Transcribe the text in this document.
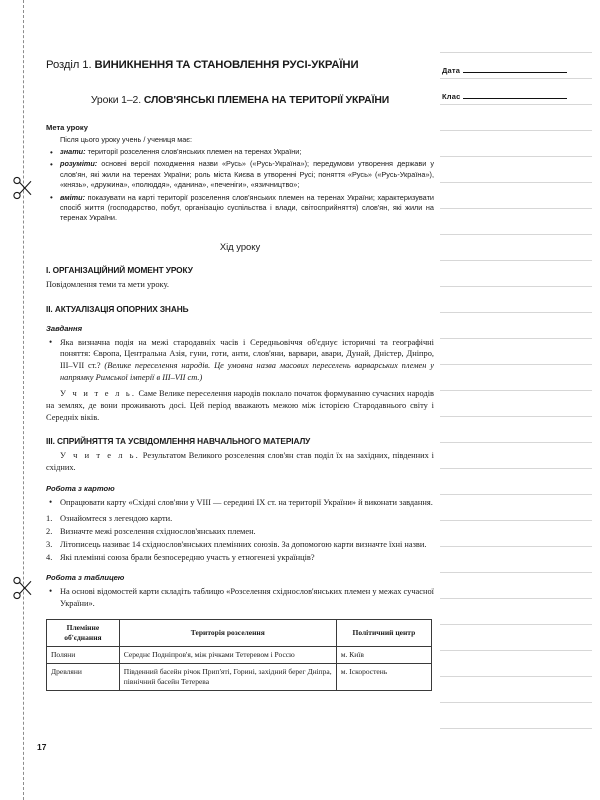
Дата
Клас
Розділ 1. ВИНИКНЕННЯ ТА СТАНОВЛЕННЯ РУСІ-УКРАЇНИ
Уроки 1–2. СЛОВ'ЯНСЬКІ ПЛЕМЕНА НА ТЕРИТОРІЇ УКРАЇНИ
Мета уроку
Після цього уроку учень / учениця має:
• знати: території розселення слов'янських племен на теренах України;
• розуміти: основні версії походження назви «Русь» («Русь-Україна»); передумови утворення держави у слов'ян, які жили на теренах України; роль міста Києва в утворенні Русі; поняття «Русь» («Русь-Україна»), «князь», «дружина», «полюддя», «данина», «печеніги», «язичництво»;
• вміти: показувати на карті території розселення слов'янських племен на теренах України; характеризувати спосіб життя (господарство, побут, організацію суспільства і влади, світосприйняття) слов'ян, які жили на теренах України.
Хід уроку
I. ОРГАНІЗАЦІЙНИЙ МОМЕНТ УРОКУ

Повідомлення теми та мети уроку.

II. АКТУАЛІЗАЦІЯ ОПОРНИХ ЗНАНЬ
Завдання
• Яка визначна подія на межі стародавніх часів і Середньовіччя об'єднує історичні та географічні поняття: Європа, Центральна Азія, гуни, готи, анти, слов'яни, варвари, авари, Дунай, Дністер, Дніпро, III–VII ст.? (Велике переселення народів. Це умовна назва масових переселень варварських племен у напрямку Римської імперії в III–VII ст.)

У ч и т е л ь. Саме Велике переселення народів поклало початок формуванню сучасних народів на землях, де вони проживають досі. Цей період вважають межою між історією Стародавнього світу і Середніх віків.

III. СПРИЙНЯТТЯ ТА УСВІДОМЛЕННЯ НАВЧАЛЬНОГО МАТЕРІАЛУ

У ч и т е л ь. Результатом Великого розселення слов'ян став поділ їх на західних, південних і східних.

Робота з картою
• Опрацювати карту «Східні слов'яни у VIII — середині IX ст. на території України» й виконати завдання.
1. Ознайомтеся з легендою карти.
2. Визначте межі розселення східнослов'янських племен.
3. Літописець називає 14 східнослов'янських племінних союзів. За допомогою карти визначте їхні назви.
4. Які племінні союза брали безпосередню участь у етногенезі українців?
Робота з таблицею
• На основі відомостей карти складіть таблицю «Розселення східнослов'янських племен у межах сучасної України».
Племінне об'єднання	Територія розселення	Політичний центр
Поляни	Середнє Подніпров'я, між річками Тетеревом і Россю	м. Київ
Древляни	Південний басейн річок Прип'яті, Горині, західний берег Дніпра, північний басейн Тетерева	м. Іскоростень
17
